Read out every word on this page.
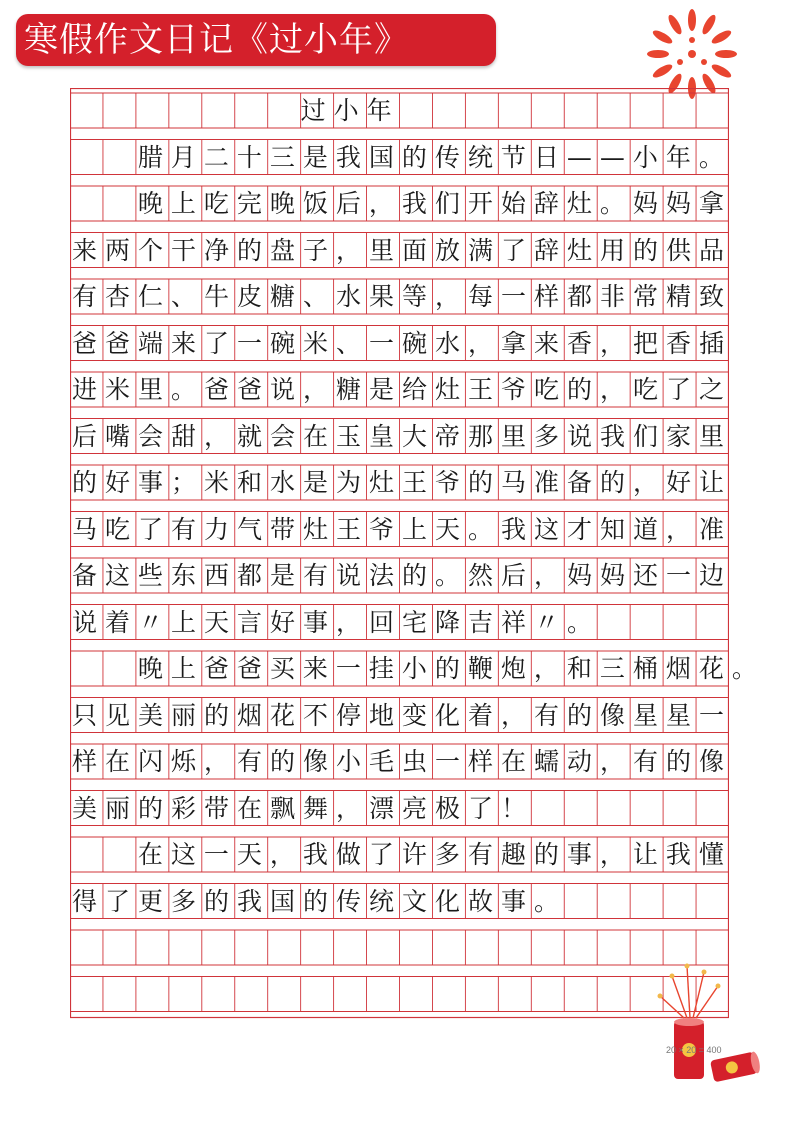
寒假作文日记《过小年》
过小年
腊月二十三是我国的传统节日——小年。
晚上吃完晚饭后，我们开始辞灶。妈妈拿
来两个干净的盘子，里面放满了辞灶用的供品
有杏仁、牛皮糖、水果等，每一样都非常精致
爸爸端来了一碗米、一碗水，拿来香，把香插
进米里。爸爸说，糖是给灶王爷吃的，吃了之
后嘴会甜，就会在玉皇大帝那里多说我们家里
的好事；米和水是为灶王爷的马准备的，好让
马吃了有力气带灶王爷上天。我这才知道，准
备这些东西都是有说法的。然后，妈妈还一边
说着〃上天言好事，回宅降吉祥〃。
晚上爸爸买来一挂小的鞭炮，和三桶烟花。
只见美丽的烟花不停地变化着，有的像星星一
样在闪烁，有的像小毛虫一样在蠕动，有的像
美丽的彩带在飘舞，漂亮极了！
在这一天，我做了许多有趣的事，让我懂
得了更多的我国的传统文化故事。
20 × 20 = 400
